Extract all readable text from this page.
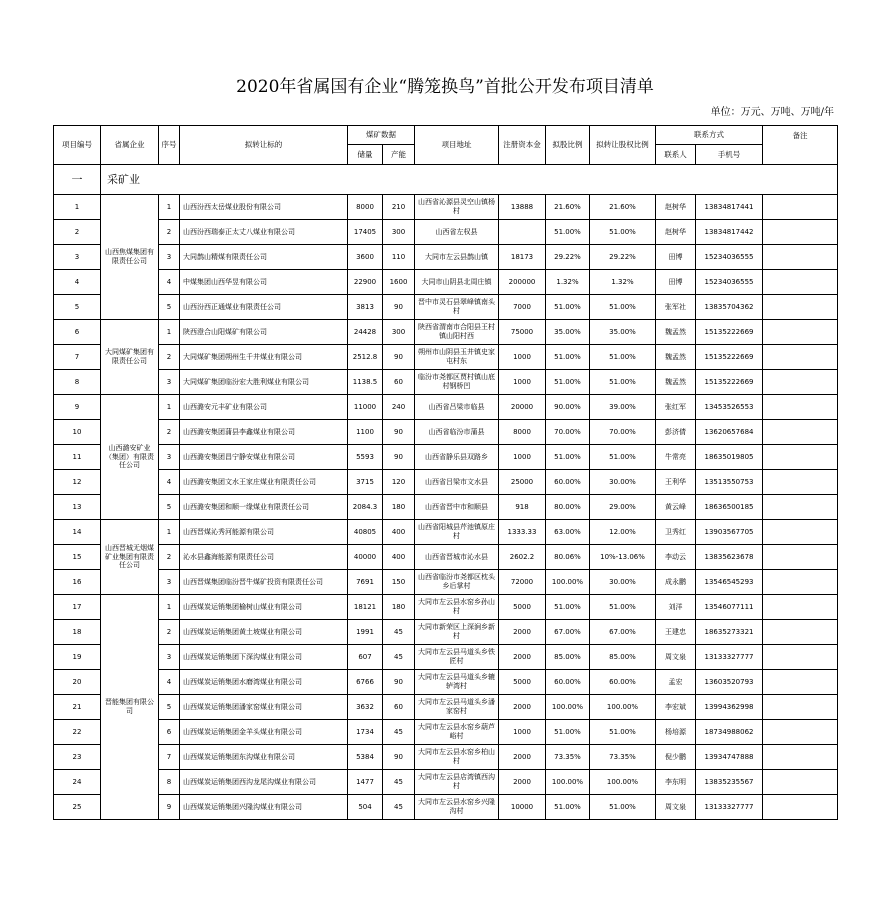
2020年省属国有企业“腾笼换鸟”首批公开发布项目清单
单位：万元、万吨、万吨/年
项目编号	省属企业	序号	拟转让标的	煤矿数据		项目地址	注册资本金	拟股比例	拟转让股权比例	联系方式		备注
				储量	产能					联系人	手机号	
一	采矿业											
1	山西焦煤集团有限责任公司	1	山西汾西太岳煤业股份有限公司	8000	210	山西省沁源县灵空山镇杨村	13888	21.60%	21.60%	赵树华	13834817441	
2		2	山西汾西瑞泰正太丈八煤业有限公司	17405	300	山西省左权县		51.00%	51.00%	赵树华	13834817442	
3		3	大同鹊山精煤有限责任公司	3600	110	大同市左云县鹊山镇	18173	29.22%	29.22%	田博	15234036555	
4		4	中煤集团山西华昱有限公司	22900	1600	大同市山阴县北周庄镇	200000	1.32%	1.32%	田博	15234036555	
5		5	山西汾西正通煤业有限责任公司	3813	90	晋中市灵石县翠峰镇南头村	7000	51.00%	51.00%	张军社	13835704362	
6	大同煤矿集团有限责任公司	1	陕西澄合山阳煤矿有限公司	24428	300	陕西省渭南市合阳县王村镇山阳村西	75000	35.00%	35.00%	魏孟然	15135222669	
7		2	大同煤矿集团朔州生千井煤业有限公司	2512.8	90	朔州市山阴县玉井镇史家屯村东	1000	51.00%	51.00%	魏孟然	15135222669	
8		3	大同煤矿集团临汾宏大胜利煤业有限公司	1138.5	60	临汾市尧都区贾村镇山底村钢桥凹	1000	51.00%	51.00%	魏孟然	15135222669	
9	山西潞安矿业（集团）有限责任公司	1	山西潞安元丰矿业有限公司	11000	240	山西省吕梁市临县	20000	90.00%	39.00%	张红军	13453526553	
10		2	山西潞安集团蒲县李鑫煤业有限公司	1100	90	山西省临汾市蒲县	8000	70.00%	70.00%	彭济倩	13620657684	
11		3	山西潞安集团昌宁静安煤业有限公司	5593	90	山西省静乐县双路乡	1000	51.00%	51.00%	牛常亮	18635019805	
12		4	山西潞安集团文水王家庄煤业有限责任公司	3715	120	山西省吕梁市文水县	25000	60.00%	30.00%	王利华	13513550753	
13		5	山西潞安集团和顺一缘煤业有限责任公司	2084.3	180	山西省晋中市和顺县	918	80.00%	29.00%	黄云峰	18636500185	
14	山西晋城无烟煤矿业集团有限责任公司	1	山西晋煤沁秀河能源有限公司	40805	400	山西省阳城县芹池镇原庄村	1333.33	63.00%	12.00%	卫秀红	13903567705	
15		2	沁水县鑫海能源有限责任公司	40000	400	山西省晋城市沁水县	2602.2	80.06%	10%-13.06%	李动云	13835623678	
16		3	山西晋煤集团临汾晋牛煤矿投资有限责任公司	7691	150	山西省临汾市尧都区枕头乡后掌村	72000	100.00%	30.00%	成永鹏	13546545293	
17	晋能集团有限公司	1	山西煤炭运销集团榆树山煤业有限公司	18121	180	大同市左云县水窑乡孙山村	5000	51.00%	51.00%	刘洋	13546077111	
18		2	山西煤炭运销集团黄土坡煤业有限公司	1991	45	大同市新荣区上深涧乡新村	2000	67.00%	67.00%	王建忠	18635273321	
19		3	山西煤炭运销集团下深沟煤业有限公司	607	45	大同市左云县马道头乡铁匠村	2000	85.00%	85.00%	周文泉	13133327777	
20		4	山西煤炭运销集团水磨湾煤业有限公司	6766	90	大同市左云县马道头乡辘轳湾村	5000	60.00%	60.00%	孟宏	13603520793	
21		5	山西煤炭运销集团潘家窑煤业有限公司	3632	60	大同市左云县马道头乡潘家窑村	2000	100.00%	100.00%	李宏斌	13994362998	
22		6	山西煤炭运销集团金羊头煤业有限公司	1734	45	大同市左云县水窑乡葫芦峪村	1000	51.00%	51.00%	杨培源	18734988062	
23		7	山西煤炭运销集团东沟煤业有限公司	5384	90	大同市左云县水窑乡柏山村	2000	73.35%	73.35%	倪少鹏	13934747888	
24		8	山西煤炭运销集团西沟龙尾沟煤业有限公司	1477	45	大同市左云县店湾镇西沟村	2000	100.00%	100.00%	李东明	13835235567	
25		9	山西煤炭运销集团兴隆沟煤业有限公司	504	45	大同市左云县水窑乡兴隆沟村	10000	51.00%	51.00%	周文泉	13133327777	
